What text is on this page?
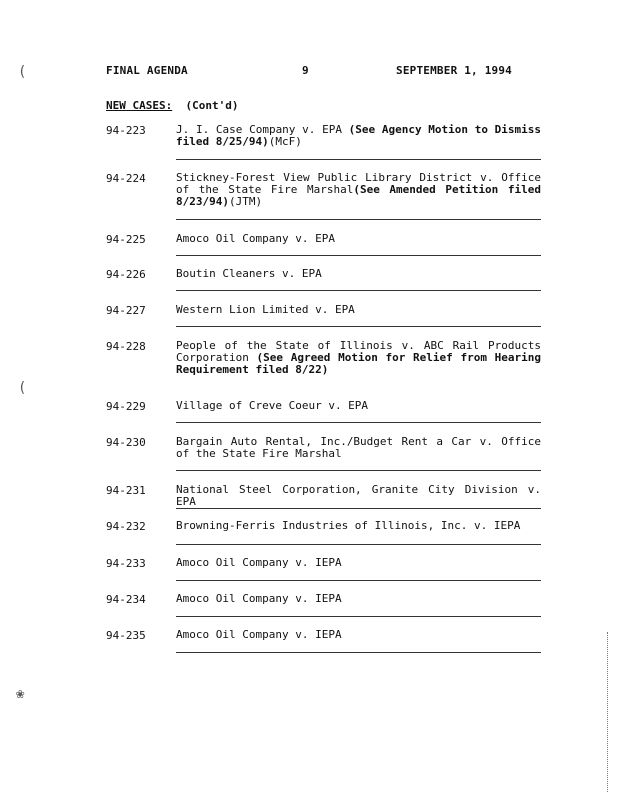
FINAL AGENDA	9	SEPTEMBER 1, 1994
NEW CASES: (Cont'd)
94-223	J. I. Case Company v. EPA (See Agency Motion to Dismiss filed 8/25/94)(McF)
94-224	Stickney-Forest View Public Library District v. Office of the State Fire Marshal(See Amended Petition filed 8/23/94)(JTM)
94-225	Amoco Oil Company v. EPA
94-226	Boutin Cleaners v. EPA
94-227	Western Lion Limited v. EPA
94-228	People of the State of Illinois v. ABC Rail Products Corporation (See Agreed Motion for Relief from Hearing Requirement filed 8/22)
94-229	Village of Creve Coeur v. EPA
94-230	Bargain Auto Rental, Inc./Budget Rent a Car v. Office of the State Fire Marshal
94-231	National Steel Corporation, Granite City Division v. EPA
94-232	Browning-Ferris Industries of Illinois, Inc. v. IEPA
94-233	Amoco Oil Company v. IEPA
94-234	Amoco Oil Company v. IEPA
94-235	Amoco Oil Company v. IEPA
(
(
❀
